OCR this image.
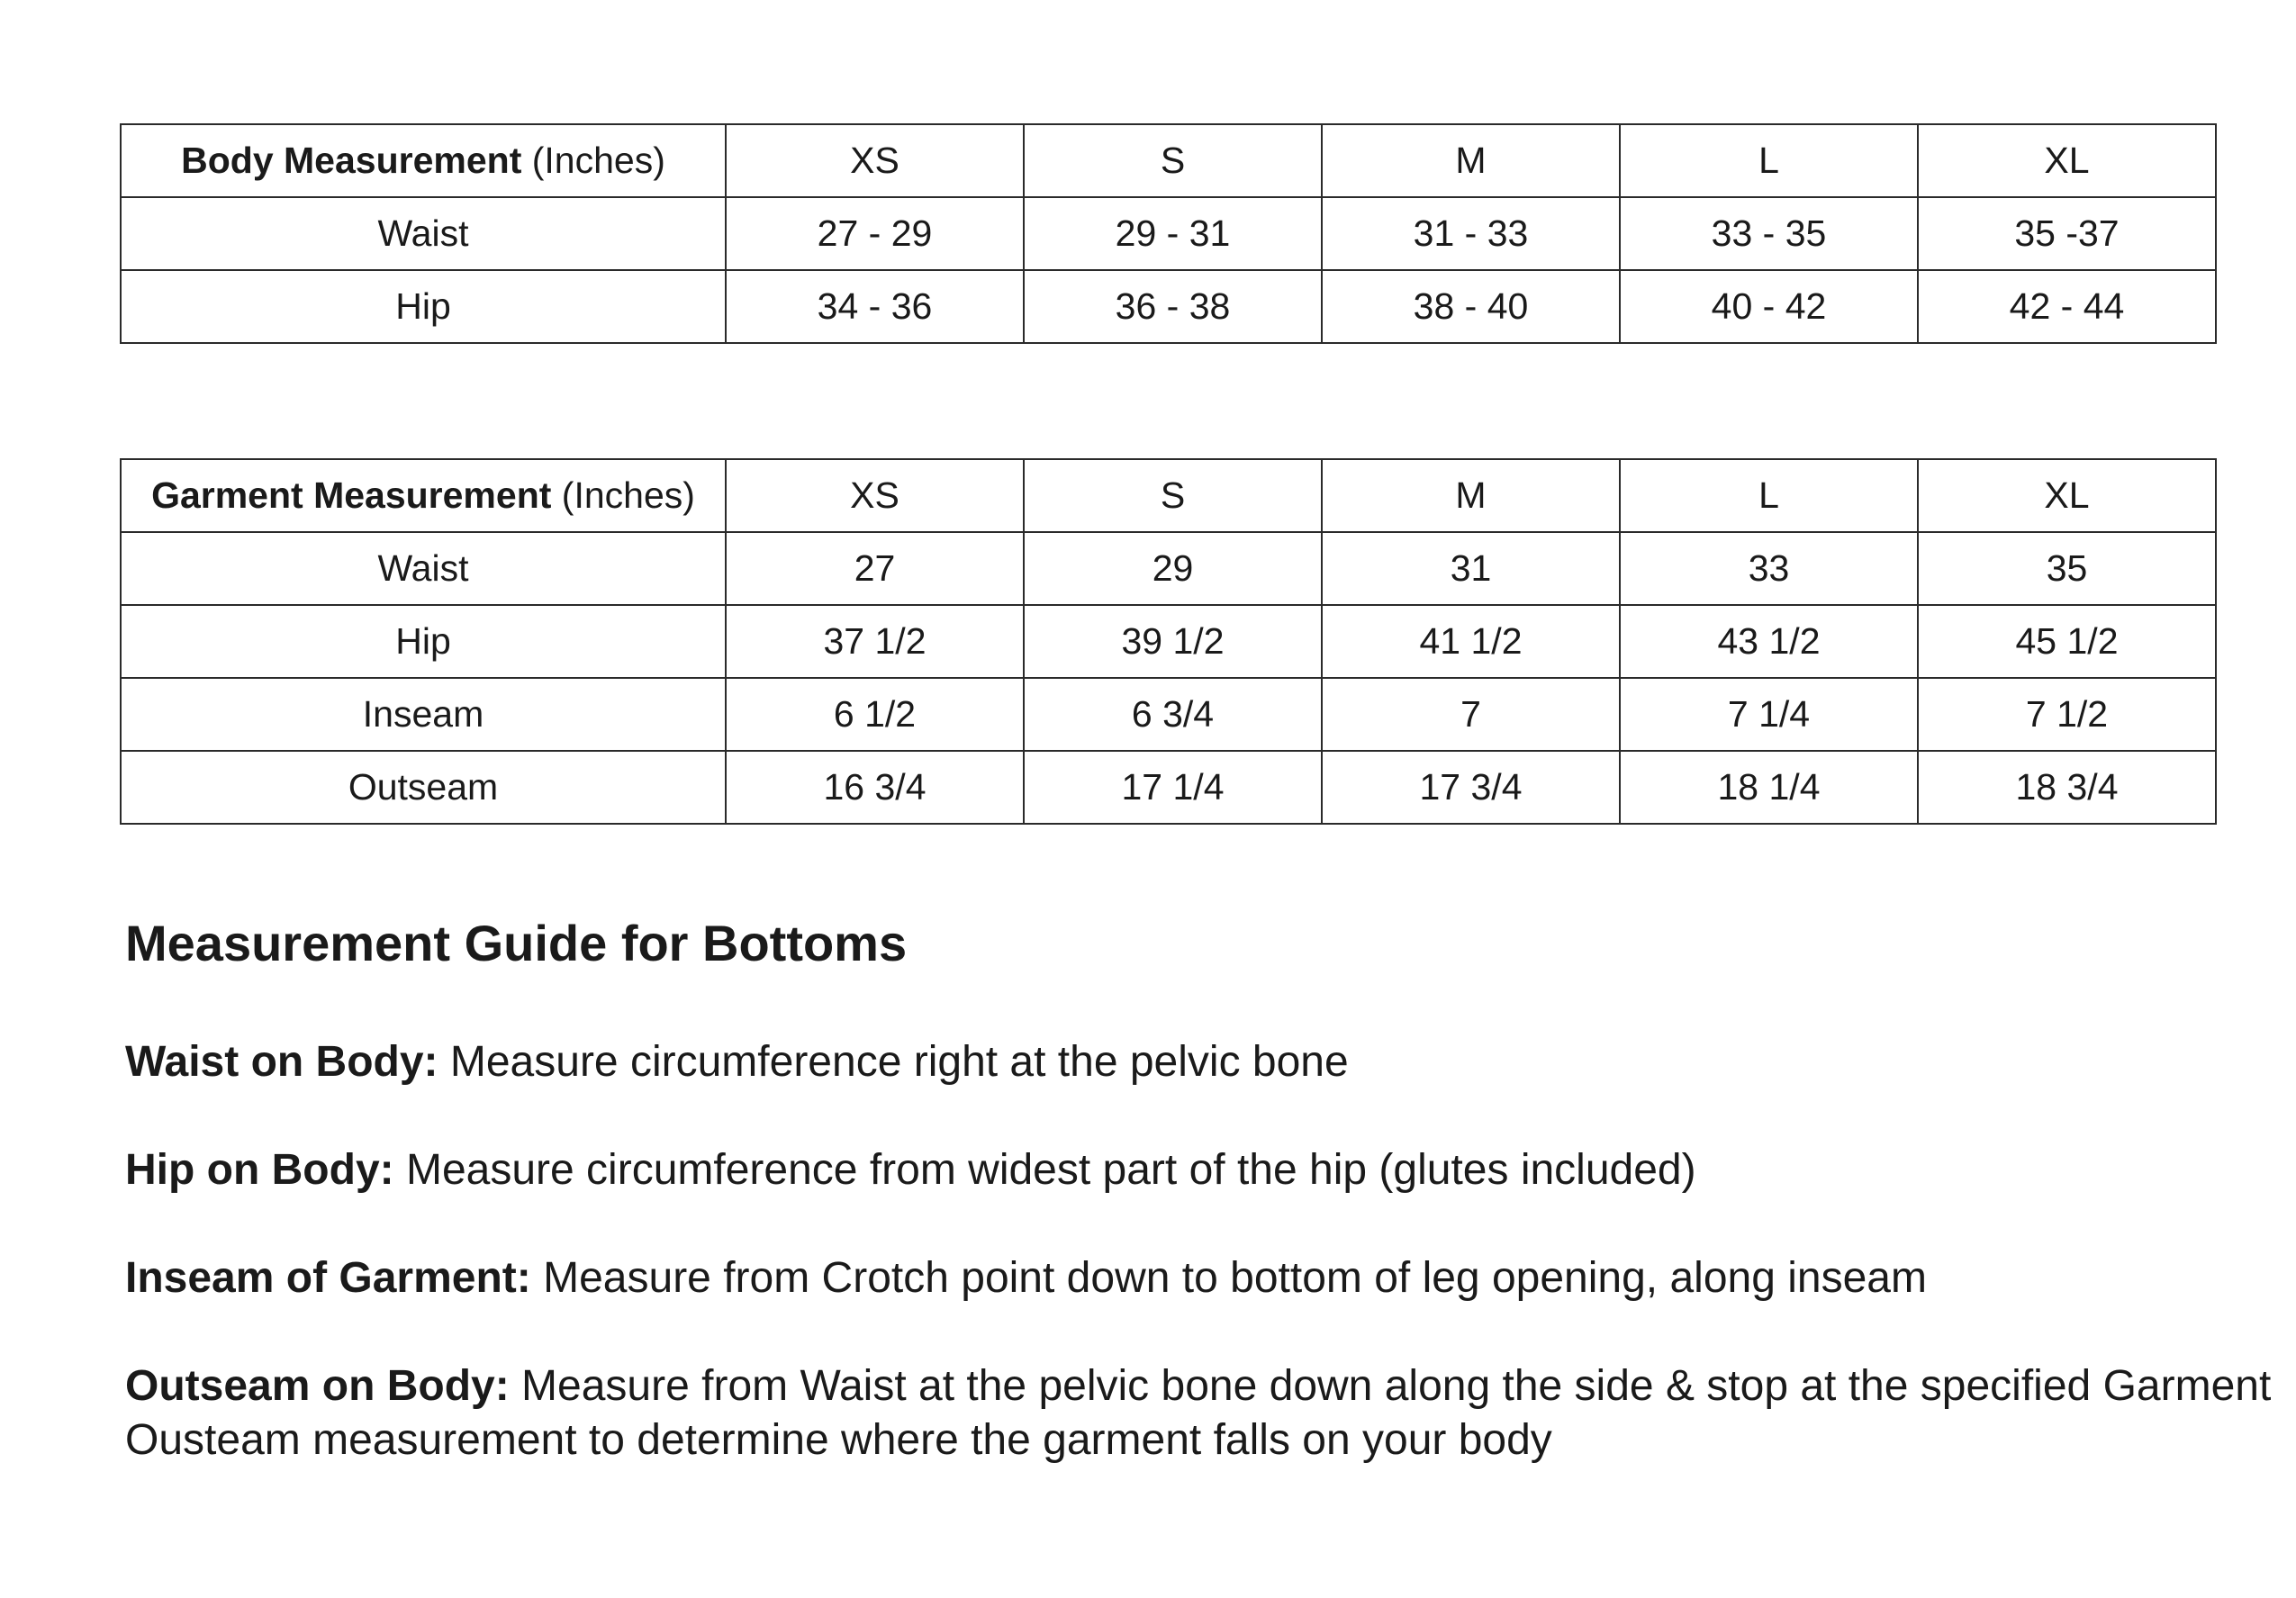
Body Measurement (Inches)	XS	S	M	L	XL
Waist	27 - 29	29 - 31	31 - 33	33 - 35	35 -37
Hip	34 - 36	36 - 38	38 - 40	40 - 42	42 - 44
Garment Measurement (Inches)	XS	S	M	L	XL
Waist	27	29	31	33	35
Hip	37 1/2	39 1/2	41 1/2	43 1/2	45 1/2
Inseam	6 1/2	6 3/4	7	7 1/4	7 1/2
Outseam	16 3/4	17 1/4	17 3/4	18 1/4	18 3/4
Measurement Guide for Bottoms
Waist on Body: Measure circumference right at the pelvic bone
Hip on Body: Measure circumference from widest part of the hip (glutes included)
Inseam of Garment: Measure from Crotch point down to bottom of leg opening, along inseam
Outseam on Body: Measure from Waist at the pelvic bone down along the side & stop at the specified Garment Ousteam measurement to determine where the garment falls on your body
